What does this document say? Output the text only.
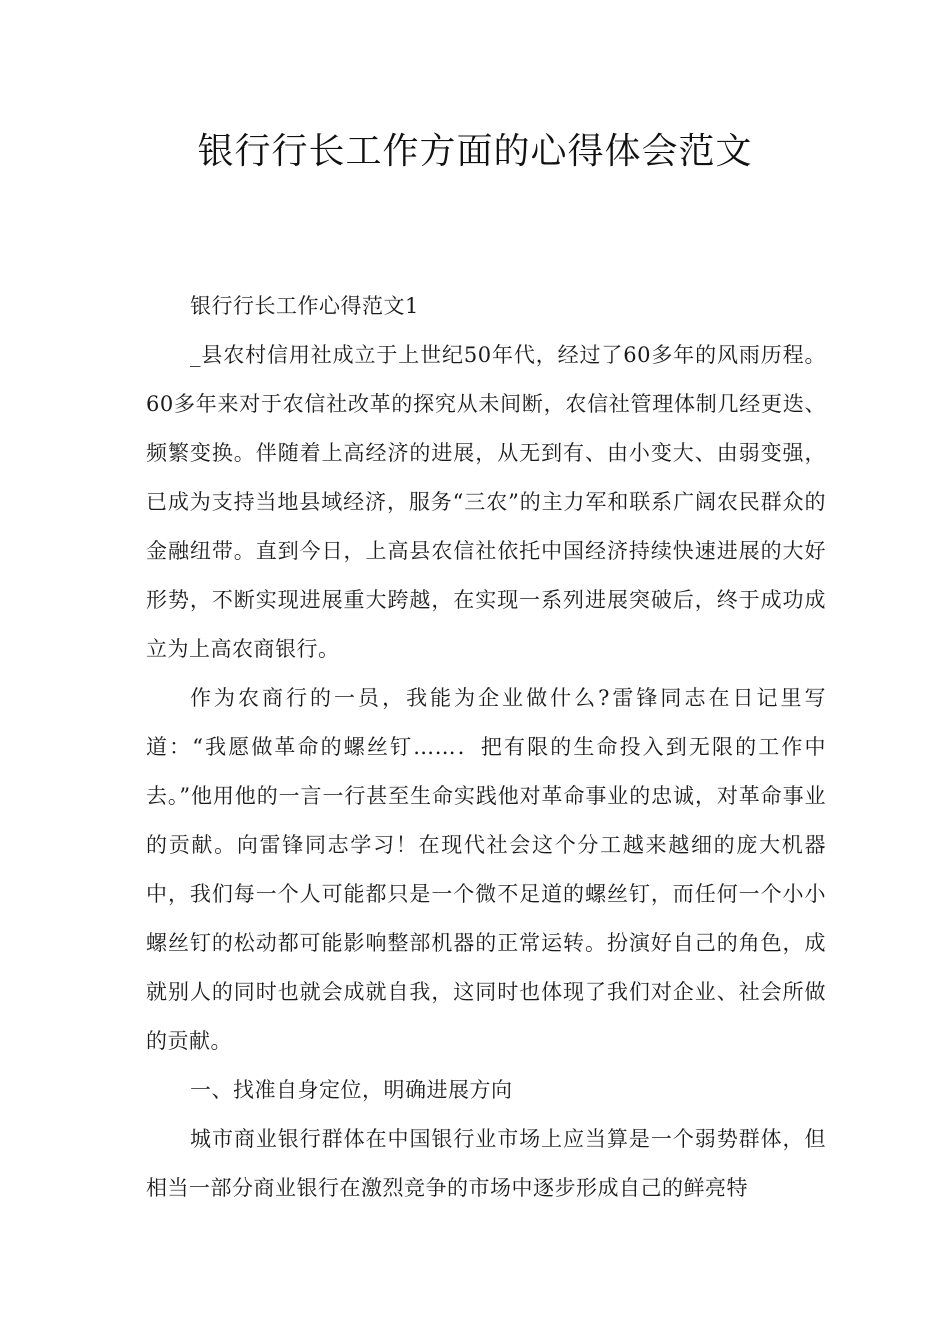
银行行长工作方面的心得体会范文

银行行长工作心得范文1

_县农村信用社成立于上世纪50年代，经过了60多年的风雨历程。60多年来对于农信社改革的探究从未间断，农信社管理体制几经更迭、频繁变换。伴随着上高经济的进展，从无到有、由小变大、由弱变强，已成为支持当地县域经济，服务“三农”的主力军和联系广阔农民群众的金融纽带。直到今日，上高县农信社依托中国经济持续快速进展的大好形势，不断实现进展重大跨越，在实现一系列进展突破后，终于成功成立为上高农商银行。

作为农商行的一员，我能为企业做什么?雷锋同志在日记里写道：“我愿做革命的螺丝钉……．把有限的生命投入到无限的工作中去。”他用他的一言一行甚至生命实践他对革命事业的忠诚，对革命事业的贡献。向雷锋同志学习！在现代社会这个分工越来越细的庞大机器中，我们每一个人可能都只是一个微不足道的螺丝钉，而任何一个小小螺丝钉的松动都可能影响整部机器的正常运转。扮演好自己的角色，成就别人的同时也就会成就自我，这同时也体现了我们对企业、社会所做的贡献。

一、找准自身定位，明确进展方向

城市商业银行群体在中国银行业市场上应当算是一个弱势群体，但相当一部分商业银行在激烈竞争的市场中逐步形成自己的鲜亮特
